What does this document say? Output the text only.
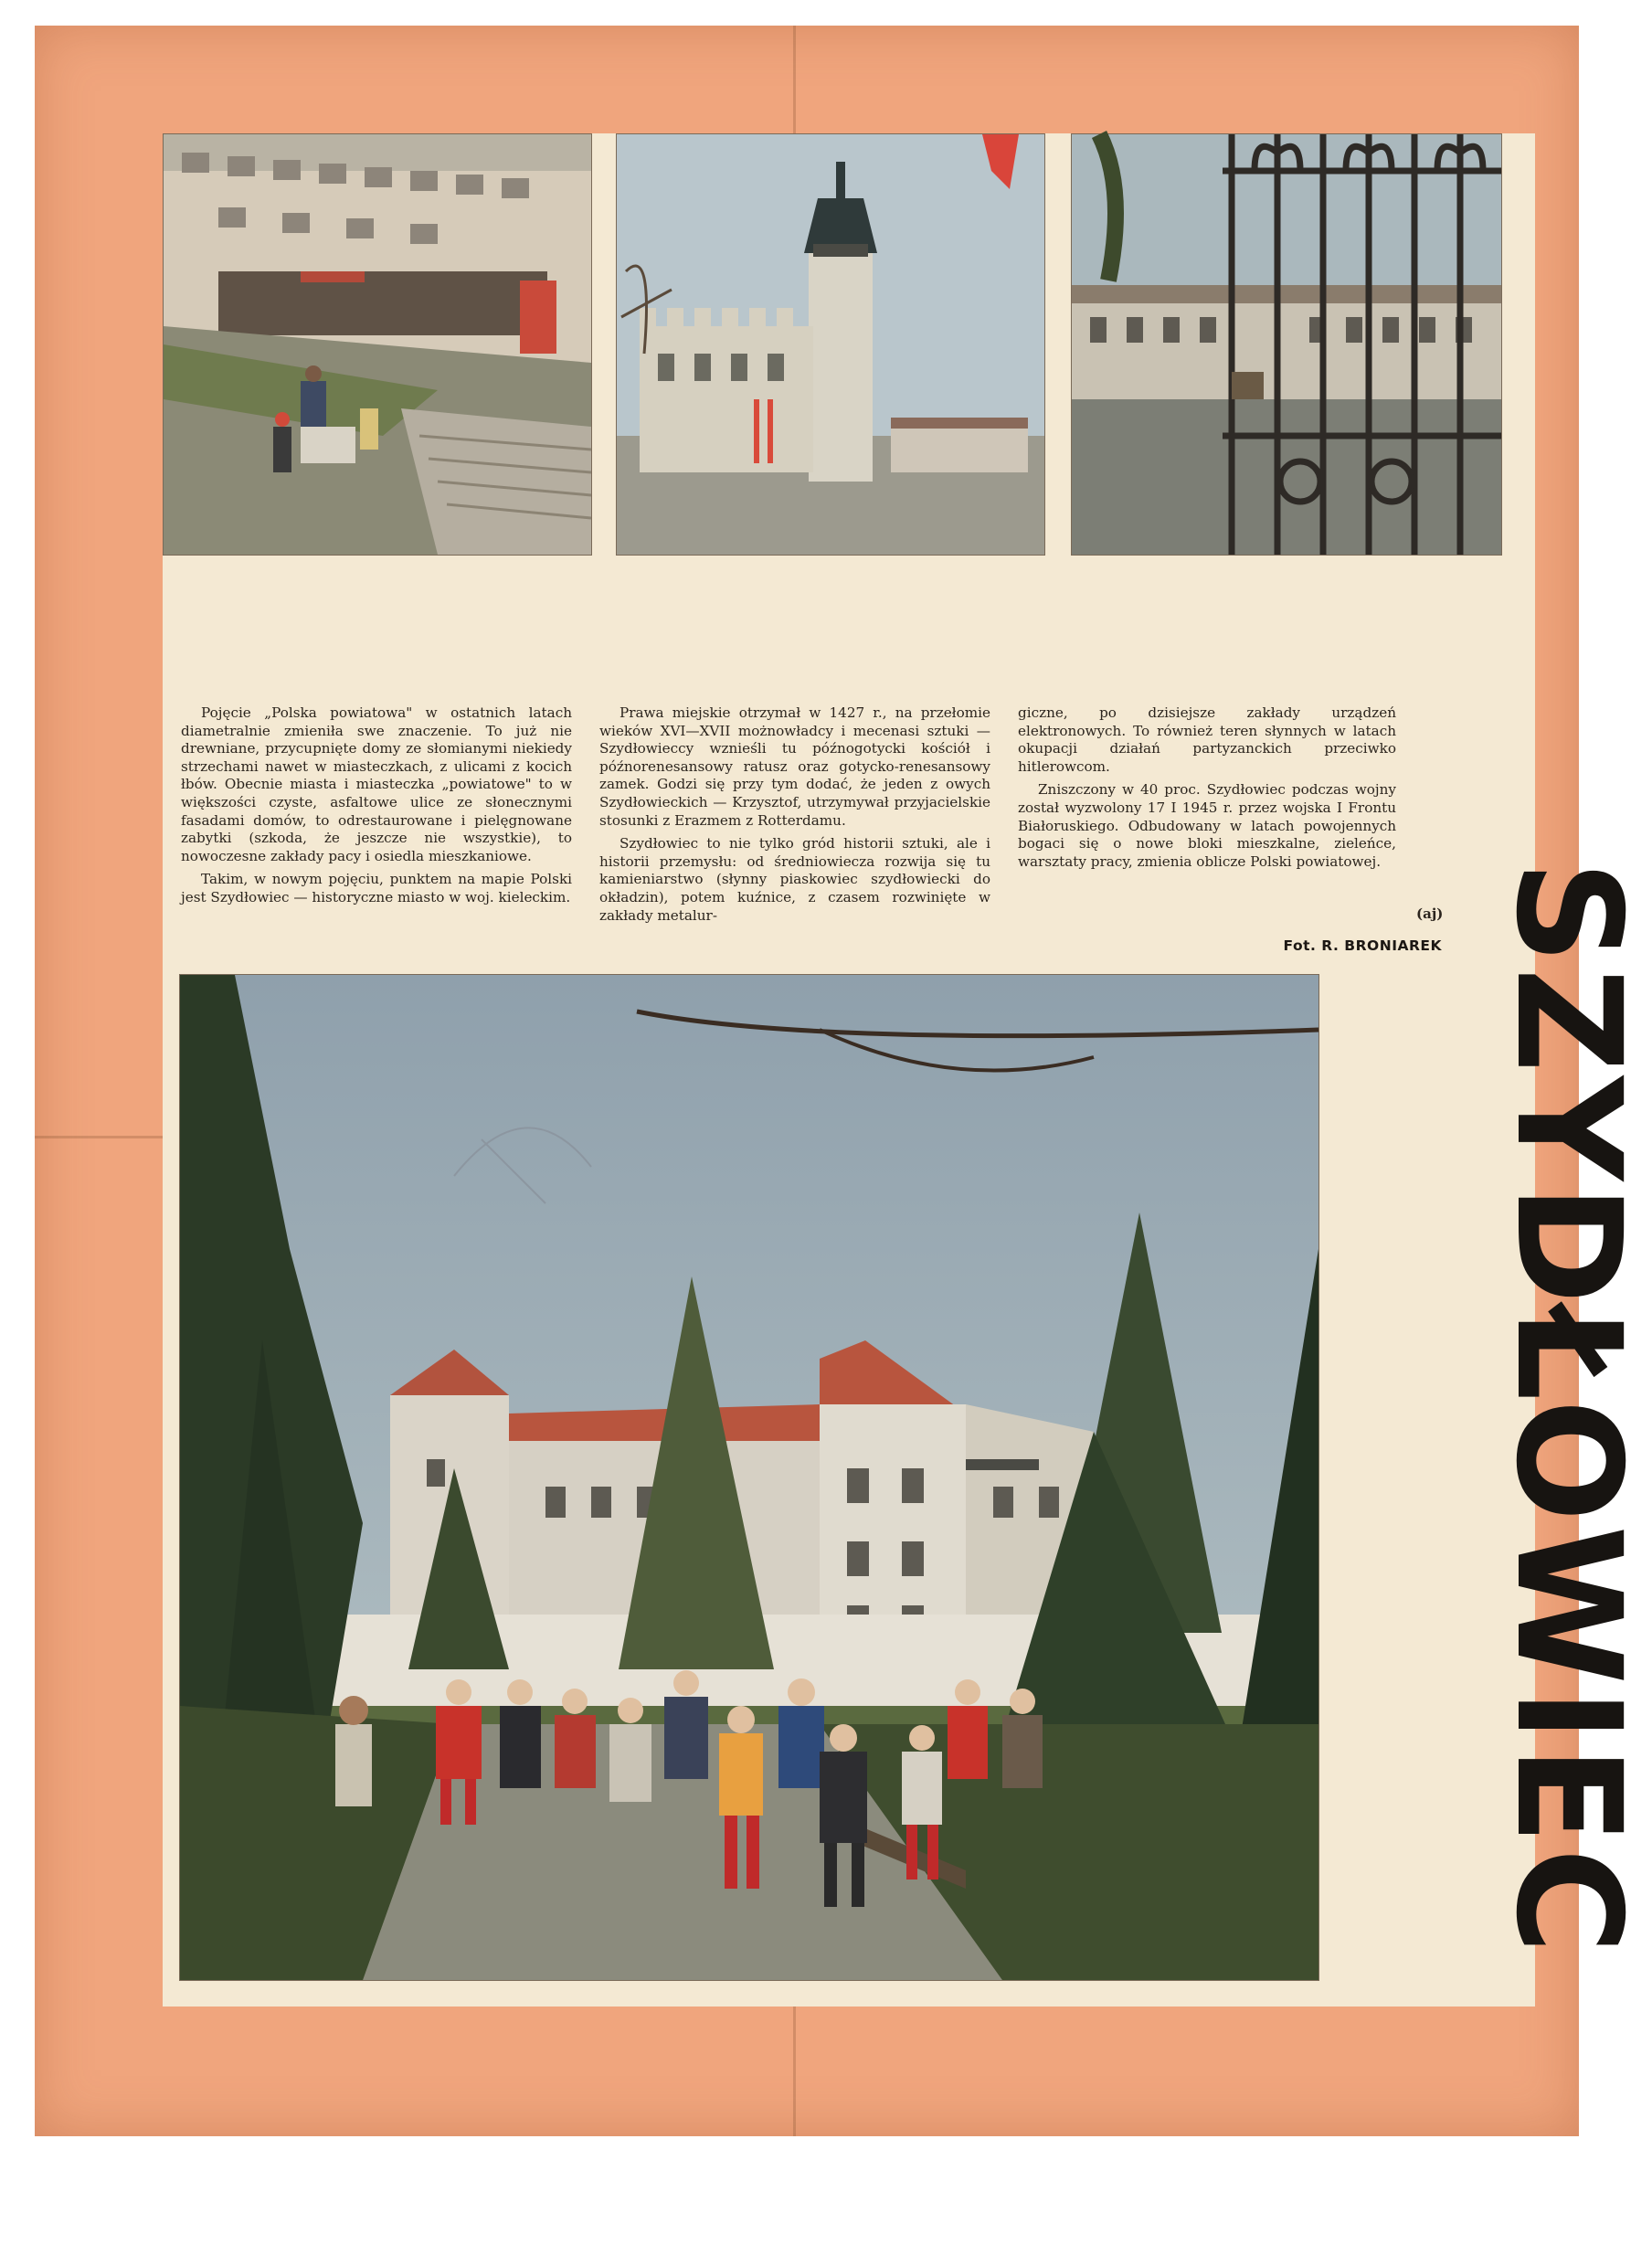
Pojęcie „Polska powiatowa" w ostatnich latach diametralnie zmieniła swe znaczenie. To już nie drewniane, przycupnięte domy ze słomianymi niekiedy strzechami nawet w miasteczkach, z ulicami z kocich łbów. Obecnie miasta i miasteczka „powiatowe" to w większości czyste, asfaltowe ulice ze słonecznymi fasadami domów, to odrestaurowane i pielęgnowane zabytki (szkoda, że jeszcze nie wszystkie), to nowoczesne zakłady pacy i osiedla mieszkaniowe.

Takim, w nowym pojęciu, punktem na mapie Polski jest Szydłowiec — historyczne miasto w woj. kieleckim.

Prawa miejskie otrzymał w 1427 r., na przełomie wieków XVI—XVII możnowładcy i mecenasi sztuki — Szydłowieccy wznieśli tu późnogotycki kościół i późnorenesansowy ratusz oraz gotycko-renesansowy zamek. Godzi się przy tym dodać, że jeden z owych Szydłowieckich — Krzysztof, utrzymywał przyjacielskie stosunki z Erazmem z Rotterdamu.

Szydłowiec to nie tylko gród historii sztuki, ale i historii przemysłu: od średniowiecza rozwija się tu kamieniarstwo (słynny piaskowiec szydłowiecki do okładzin), potem kuźnice, z czasem rozwinięte w zakłady metalur-

giczne, po dzisiejsze zakłady urządzeń elektronowych. To również teren słynnych w latach okupacji działań partyzanckich przeciwko hitlerowcom.

Zniszczony w 40 proc. Szydłowiec podczas wojny został wyzwolony 17 I 1945 r. przez wojska I Frontu Białoruskiego. Odbudowany w latach powojennych bogaci się o nowe bloki mieszkalne, zieleńce, warsztaty pracy, zmienia oblicze Polski powiatowej.

(aj)
Fot. R. BRONIAREK SZYDŁOWIEC
